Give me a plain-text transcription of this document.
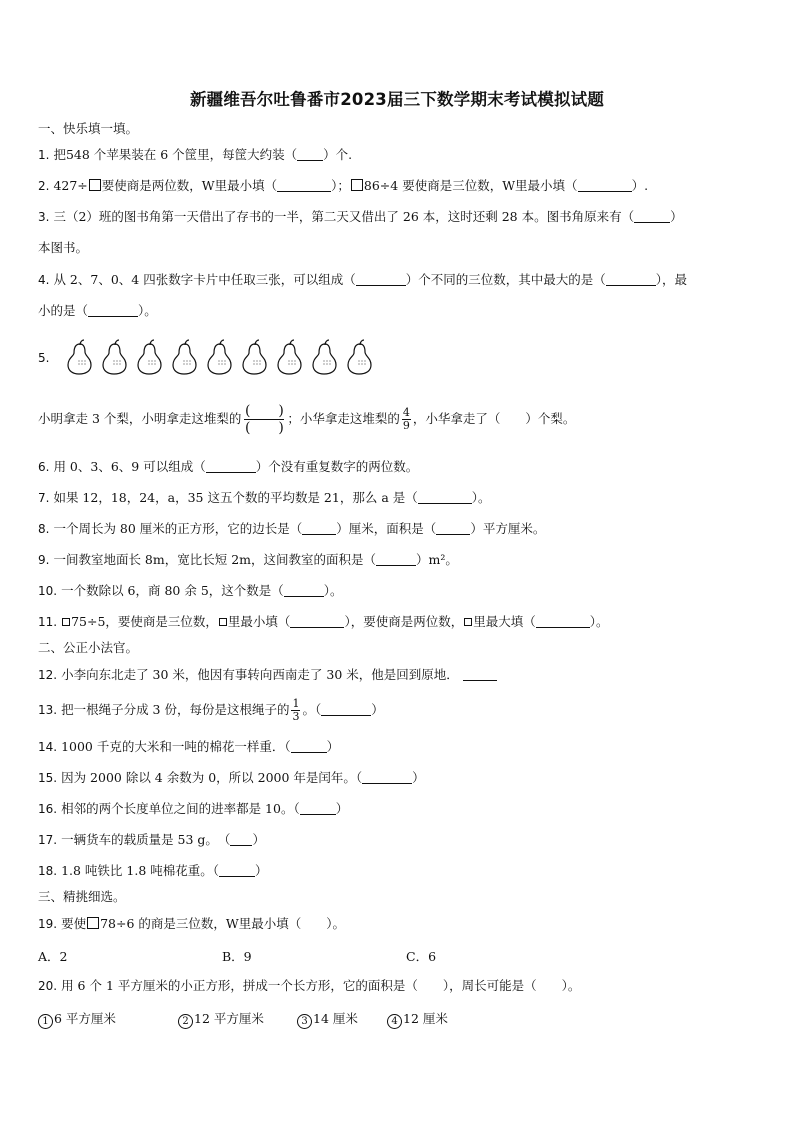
新疆维吾尔吐鲁番市2023届三下数学期末考试模拟试题
一、快乐填一填。
1. 把548 个苹果装在 6 个筐里，每筐大约装（ ）个.
2. 427÷ 要使商是两位数，W里最小填（	）； 86÷4 要使商是三位数，W里最小填（	）.
3. 三（2）班的图书角第一天借出了存书的一半，第二天又借出了 26 本，这时还剩 28 本。图书角原来有（	）
本图书。
4. 从 2、7、0、4 四张数字卡片中任取三张，可以组成（	）个不同的三位数，其中最大的是（	），最
小的是（	）。
5.
小明拿走 3 个梨，小明拿走这堆梨的 $\frac{( )}{( )}$ ；小华拿走这堆梨的 $\frac{4}{9}$ ，小华拿走了（　　）个梨。
6. 用 0、3、6、9 可以组成（	）个没有重复数字的两位数。
7. 如果 12，18，24，a，35 这五个数的平均数是 21，那么 a 是（	）。
8. 一个周长为 80 厘米的正方形，它的边长是（	）厘米，面积是（	）平方厘米。
9. 一间教室地面长 8m，宽比长短 2m，这间教室的面积是（	）m²。
10. 一个数除以 6，商 80 余 5，这个数是（	）。
11. 75÷5，要使商是三位数， 里最小填（	），要使商是两位数， 里最大填（	）。
二、公正小法官。
12. 小李向东北走了 30 米，他因有事转向西南走了 30 米，他是回到原地．
13. 把一根绳子分成 3 份，每份是这根绳子的 $\frac{1}{3}$ 。（	）
14. 1000 千克的大米和一吨的棉花一样重．（	）
15. 因为 2000 除以 4 余数为 0，所以 2000 年是闰年。（	）
16. 相邻的两个长度单位之间的进率都是 10。（	）
17. 一辆货车的载质量是 53 g。　（ ）
18. 1.8 吨铁比 1.8 吨棉花重。（	）
三、精挑细选。
19. 要使 78÷6 的商是三位数，W里最小填（　　）。
A．2	B．9	C．6
20. 用 6 个 1 平方厘米的小正方形，拼成一个长方形，它的面积是（　　），周长可能是（　　）。
1 6 平方厘米	2 12 平方厘米	3 14 厘米	4 12 厘米
